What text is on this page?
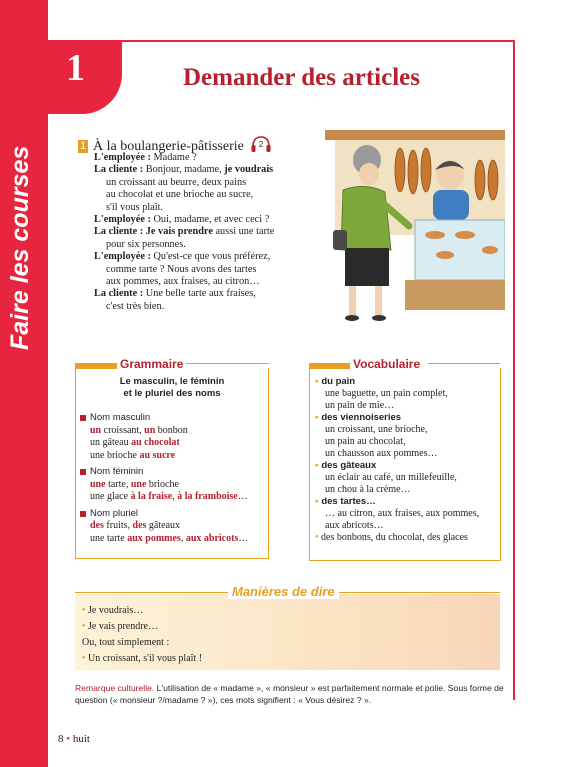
Faire les courses
1	Demander des articles
1 À la boulangerie-pâtisserie 2

L'employée : Madame ?

La cliente : Bonjour, madame, je voudrais

un croissant au beurre, deux pains

au chocolat et une brioche au sucre,

s'il vous plaît.

L'employée : Oui, madame, et avec ceci ?

La cliente : Je vais prendre aussi une tarte

pour six personnes.

L'employée : Qu'est-ce que vous préférez,

comme tarte ? Nous avons des tartes

aux pommes, aux fraises, au citron…

La cliente : Une belle tarte aux fraises,

c'est très bien.

Grammaire
Le masculin, le féminin
et le pluriel des noms
Nom masculin
un croissant, un bonbon
un gâteau au chocolat
une brioche au sucre
Nom féminin
une tarte, une brioche
une glace à la fraise, à la framboise…
Nom pluriel
des fruits, des gâteaux
une tarte aux pommes, aux abricots…
Vocabulaire
• du pain
une baguette, un pain complet,
un pain de mie…
• des viennoiseries
un croissant, une brioche,
un pain au chocolat,
un chausson aux pommes…
• des gâteaux
un éclair au café, un millefeuille,
un chou à la crème…
• des tartes…
… au citron, aux fraises, aux pommes,
aux abricots…
• des bonbons, du chocolat, des glaces
Manières de dire

• Je voudrais…

• Je vais prendre…

Ou, tout simplement :

• Un croissant, s'il vous plaît !

Remarque culturelle. L'utilisation de « madame », « monsieur » est parfaitement normale et polie. Sous forme de question (« monsieur ?/madame ? »), ces mots signifient : « Vous désirez ? ».
8 • huit
